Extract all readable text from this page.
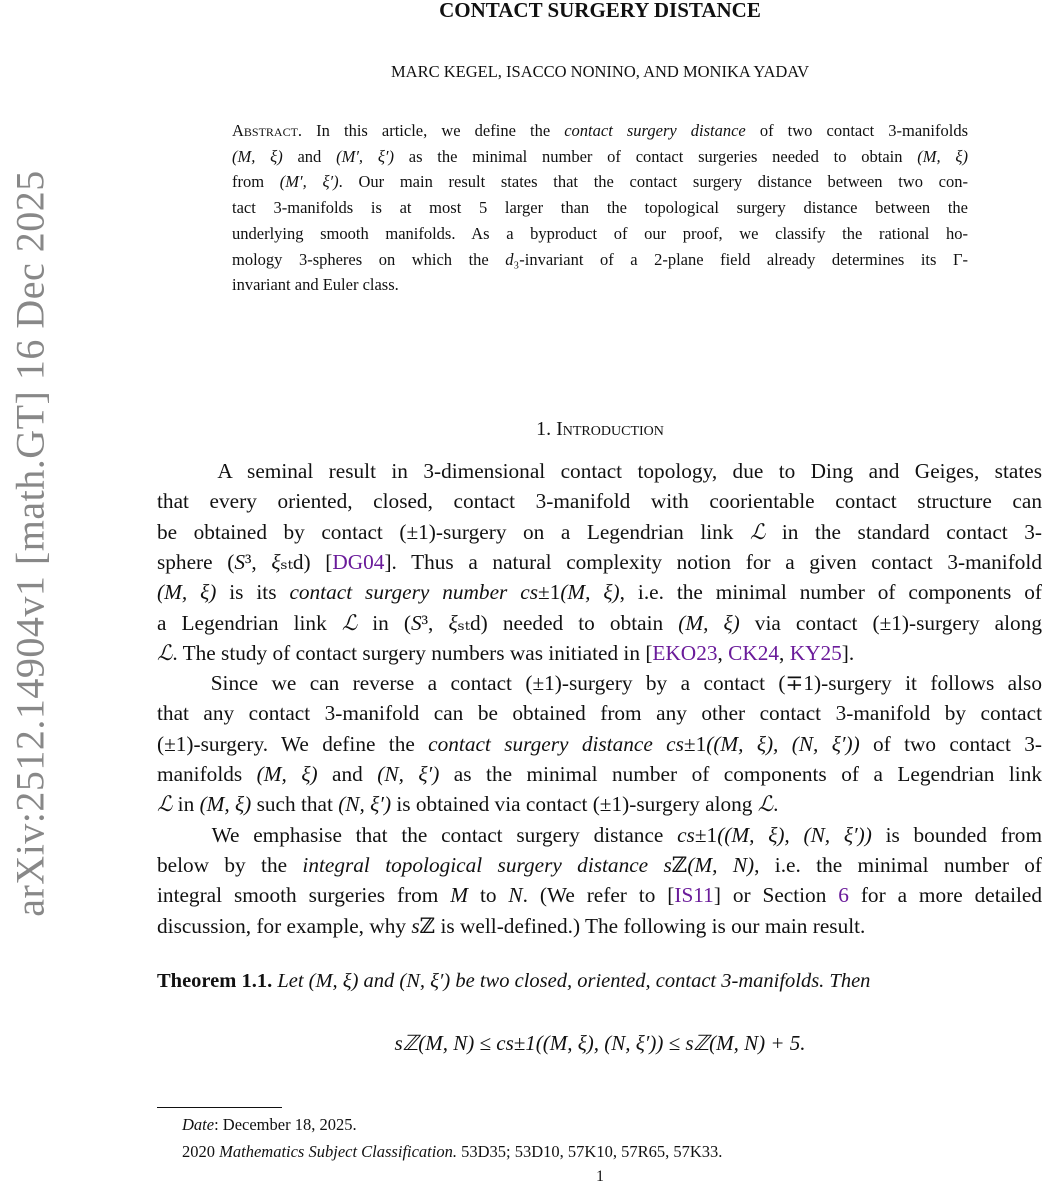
arXiv:2512.14904v1 [math.GT] 16 Dec 2025
CONTACT SURGERY DISTANCE
MARC KEGEL, ISACCO NONINO, AND MONIKA YADAV
Abstract. In this article, we define the contact surgery distance of two contact 3-manifolds
(M, ξ) and (M′, ξ′) as the minimal number of contact surgeries needed to obtain (M, ξ)
from (M′, ξ′). Our main result states that the contact surgery distance between two con-
tact 3-manifolds is at most 5 larger than the topological surgery distance between the
underlying smooth manifolds. As a byproduct of our proof, we classify the rational ho-
mology 3-spheres on which the d₃-invariant of a 2-plane field already determines its Γ-
invariant and Euler class.
1. Introduction
A seminal result in 3-dimensional contact topology, due to Ding and Geiges, states
that every oriented, closed, contact 3-manifold with coorientable contact structure can
be obtained by contact (±1)-surgery on a Legendrian link ℒ in the standard contact 3-
sphere (S³, ξₛₜd) [DG04]. Thus a natural complexity notion for a given contact 3-manifold
(M, ξ) is its contact surgery number cs±1(M, ξ), i.e. the minimal number of components of
a Legendrian link ℒ in (S³, ξₛₜd) needed to obtain (M, ξ) via contact (±1)-surgery along
ℒ. The study of contact surgery numbers was initiated in [EKO23, CK24, KY25].
Since we can reverse a contact (±1)-surgery by a contact (∓1)-surgery it follows also
that any contact 3-manifold can be obtained from any other contact 3-manifold by contact
(±1)-surgery. We define the contact surgery distance cs±1((M, ξ), (N, ξ′)) of two contact 3-
manifolds (M, ξ) and (N, ξ′) as the minimal number of components of a Legendrian link
ℒ in (M, ξ) such that (N, ξ′) is obtained via contact (±1)-surgery along ℒ.
We emphasise that the contact surgery distance cs±1((M, ξ), (N, ξ′)) is bounded from
below by the integral topological surgery distance sℤ(M, N), i.e. the minimal number of
integral smooth surgeries from M to N. (We refer to [IS11] or Section 6 for a more detailed
discussion, for example, why sℤ is well-defined.) The following is our main result.
Theorem 1.1. Let (M, ξ) and (N, ξ′) be two closed, oriented, contact 3-manifolds. Then
sℤ(M, N) ≤ cs±1((M, ξ), (N, ξ′)) ≤ sℤ(M, N) + 5.
Date: December 18, 2025.
2020 Mathematics Subject Classification. 53D35; 53D10, 57K10, 57R65, 57K33.
1
